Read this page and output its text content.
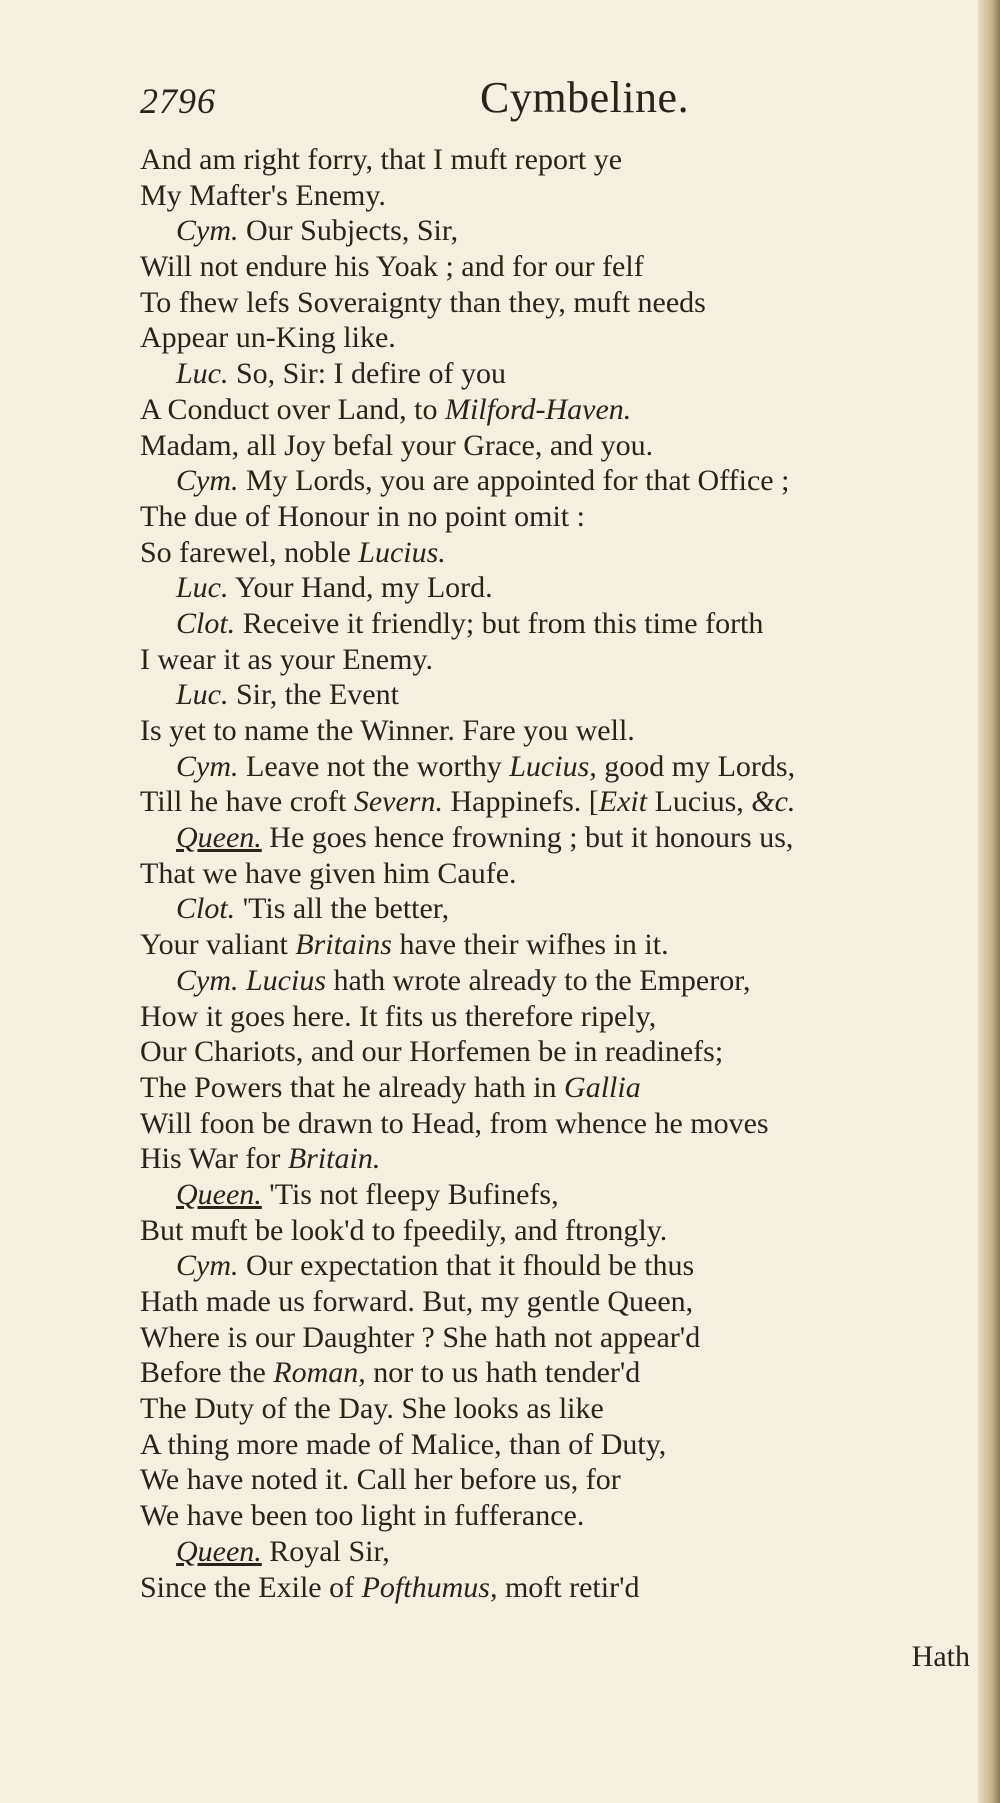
2796	Cymbeline.
And am right forry, that I muft report ye
My Mafter's Enemy.
Cym. Our Subjects, Sir,
Will not endure his Yoak ; and for our felf
To fhew lefs Soveraignty than they, muft needs
Appear un-King like.
Luc. So, Sir: I defire of you
A Conduct over Land, to Milford-Haven.
Madam, all Joy befal your Grace, and you.
Cym. My Lords, you are appointed for that Office ;
The due of Honour in no point omit :
So farewel, noble Lucius.
Luc. Your Hand, my Lord.
Clot. Receive it friendly; but from this time forth
I wear it as your Enemy.
Luc. Sir, the Event
Is yet to name the Winner. Fare you well.
Cym. Leave not the worthy Lucius, good my Lords,
Till he have croft Severn. Happinefs. [Exit Lucius, &c.
Queen. He goes hence frowning ; but it honours us,
That we have given him Caufe.
Clot. 'Tis all the better,
Your valiant Britains have their wifhes in it.
Cym. Lucius hath wrote already to the Emperor,
How it goes here. It fits us therefore ripely,
Our Chariots, and our Horfemen be in readinefs;
The Powers that he already hath in Gallia
Will foon be drawn to Head, from whence he moves
His War for Britain.
Queen. 'Tis not fleepy Bufinefs,
But muft be look'd to fpeedily, and ftrongly.
Cym. Our expectation that it fhould be thus
Hath made us forward. But, my gentle Queen,
Where is our Daughter ? She hath not appear'd
Before the Roman, nor to us hath tender'd
The Duty of the Day. She looks as like
A thing more made of Malice, than of Duty,
We have noted it. Call her before us, for
We have been too light in fufferance.
Queen. Royal Sir,
Since the Exile of Pofthumus, moft retir'd
Hath
